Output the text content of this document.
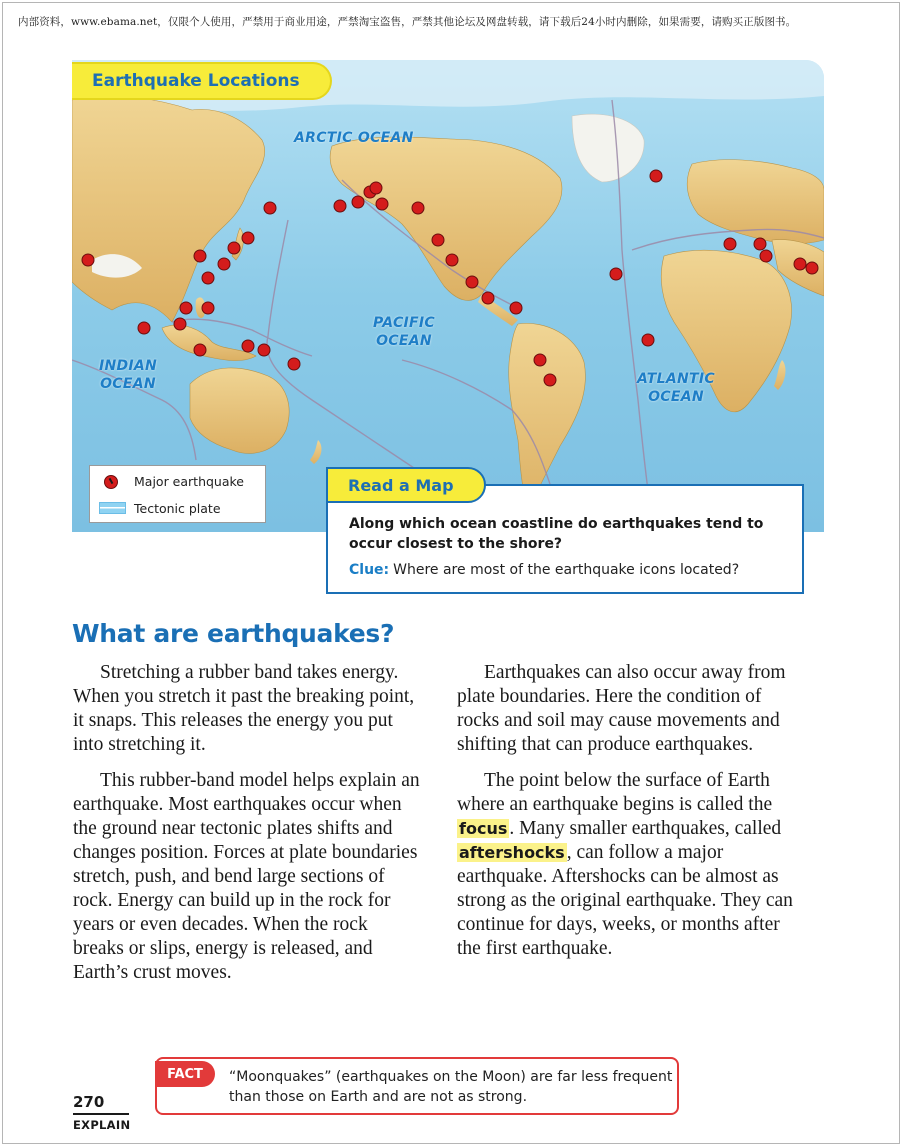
内部资料，www.ebama.net，仅限个人使用，严禁用于商业用途，严禁淘宝盗售，严禁其他论坛及网盘转载，请下载后24小时内删除，如果需要，请购买正版图书。
Earthquake Locations
ARCTIC OCEAN
PACIFIC
OCEAN
INDIAN
OCEAN	ATLANTIC
OCEAN
Major earthquake
Tectonic plate
Read a Map
Along which ocean coastline do earthquakes tend to occur closest to the shore?
Clue: Where are most of the earthquake icons located?
What are earthquakes?

Stretching a rubber band takes energy. When you stretch it past the breaking point, it snaps. This releases the energy you put into stretching it.

This rubber-band model helps explain an earthquake. Most earthquakes occur when the ground near tectonic plates shifts and changes position. Forces at plate boundaries stretch, push, and bend large sections of rock. Energy can build up in the rock for years or even decades. When the rock breaks or slips, energy is released, and Earth’s crust moves.

Earthquakes can also occur away from plate boundaries. Here the condition of rocks and soil may cause movements and shifting that can produce earthquakes.

The point below the surface of Earth where an earthquake begins is called the focus . Many smaller earthquakes, called aftershocks , can follow a major earthquake. Aftershocks can be almost as strong as the original earthquake. They can continue for days, weeks, or months after the first earthquake.

FACT	“Moonquakes” (earthquakes on the Moon) are far less frequent than those on Earth and are not as strong.
270
EXPLAIN
